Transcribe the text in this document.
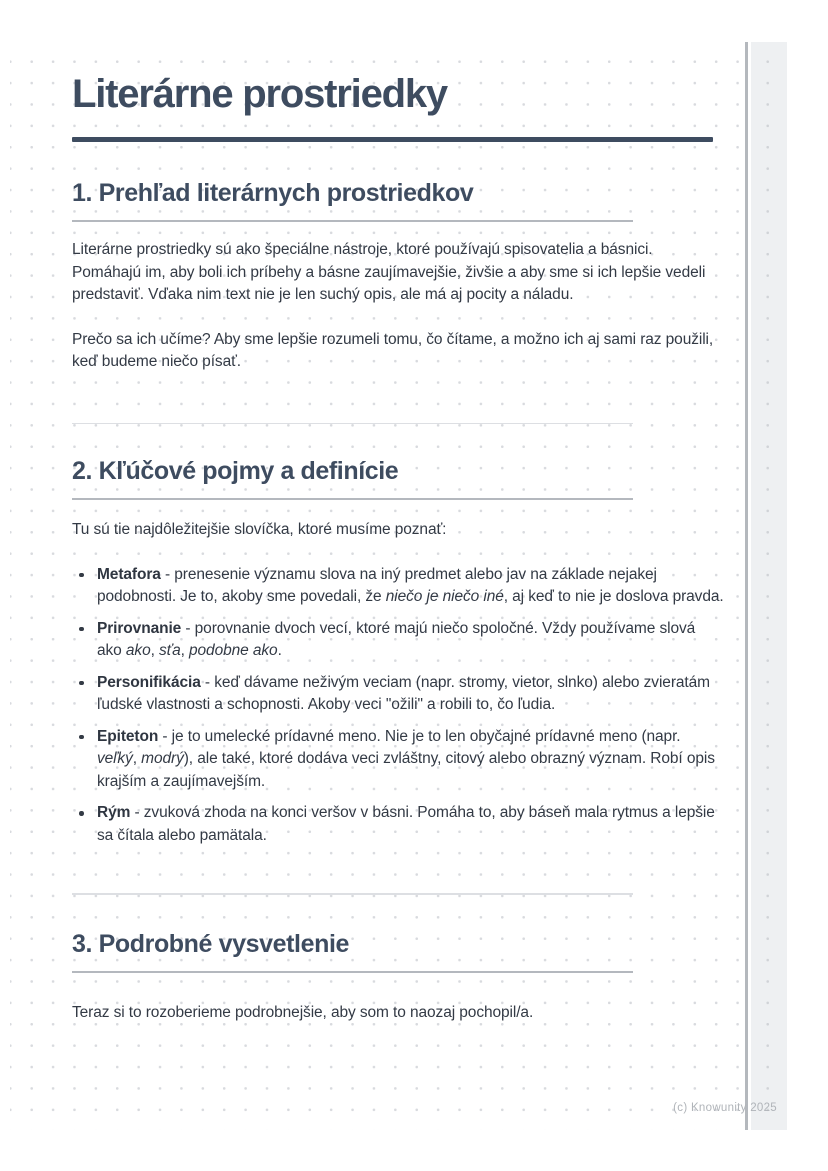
Literárne prostriedky
1. Prehľad literárnych prostriedkov

Literárne prostriedky sú ako špeciálne nástroje, ktoré používajú spisovatelia a básnici. Pomáhajú im, aby boli ich príbehy a básne zaujímavejšie, živšie a aby sme si ich lepšie vedeli predstaviť. Vďaka nim text nie je len suchý opis, ale má aj pocity a náladu.

Prečo sa ich učíme? Aby sme lepšie rozumeli tomu, čo čítame, a možno ich aj sami raz použili, keď budeme niečo písať.

2. Kľúčové pojmy a definície

Tu sú tie najdôležitejšie slovíčka, ktoré musíme poznať:

Metafora - prenesenie významu slova na iný predmet alebo jav na základe nejakej podobnosti. Je to, akoby sme povedali, že niečo je niečo iné, aj keď to nie je doslova pravda.
Prirovnanie - porovnanie dvoch vecí, ktoré majú niečo spoločné. Vždy používame slová ako ako, sťa, podobne ako.
Personifikácia - keď dávame neživým veciam (napr. stromy, vietor, slnko) alebo zvieratám ľudské vlastnosti a schopnosti. Akoby veci "ožili" a robili to, čo ľudia.
Epiteton - je to umelecké prídavné meno. Nie je to len obyčajné prídavné meno (napr. veľký, modrý), ale také, ktoré dodáva veci zvláštny, citový alebo obrazný význam. Robí opis krajším a zaujímavejším.
Rým - zvuková zhoda na konci veršov v básni. Pomáha to, aby báseň mala rytmus a lepšie sa čítala alebo pamätala.
3. Podrobné vysvetlenie

Teraz si to rozoberieme podrobnejšie, aby som to naozaj pochopil/a.

(c) Knowunity 2025
